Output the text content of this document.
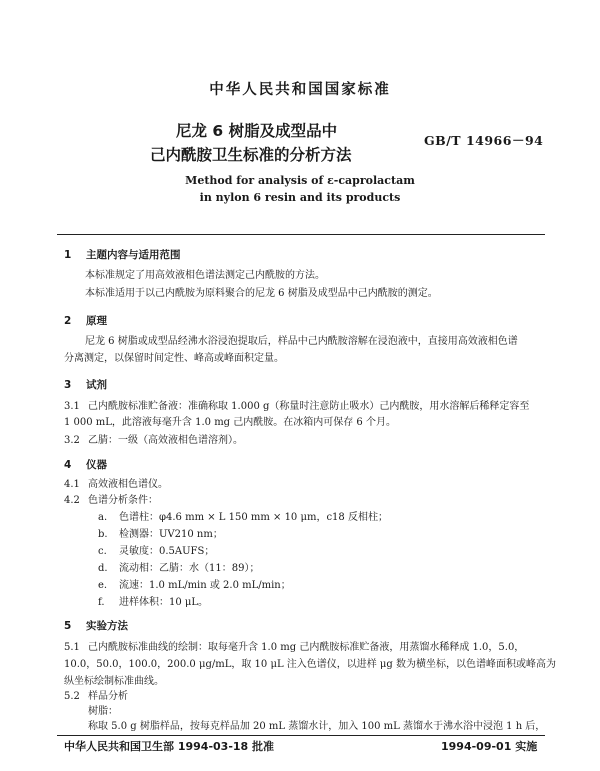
中华人民共和国国家标准
尼龙 6 树脂及成型品中
己内酰胺卫生标准的分析方法
GB/T 14966－94
Method for analysis of ε-caprolactam
in nylon 6 resin and its products
1 主题内容与适用范围
本标准规定了用高效液相色谱法测定己内酰胺的方法。
本标准适用于以己内酰胺为原料聚合的尼龙 6 树脂及成型品中己内酰胺的测定。
2 原理
尼龙 6 树脂或成型品经沸水浴浸泡提取后，样品中己内酰胺溶解在浸泡液中，直接用高效液相色谱
分离测定，以保留时间定性、峰高或峰面积定量。
3 试剂
3.1 己内酰胺标准贮备液：准确称取 1.000 g（称量时注意防止吸水）己内酰胺，用水溶解后稀释定容至
1 000 mL，此溶液每毫升含 1.0 mg 己内酰胺。在冰箱内可保存 6 个月。
3.2 乙腈：一级（高效液相色谱溶剂）。
4 仪器
4.1 高效液相色谱仪。
4.2 色谱分析条件：
a. 色谱柱：φ4.6 mm × L 150 mm × 10 μm，c18 反相柱；
b. 检测器：UV210 nm；
c. 灵敏度：0.5AUFS；
d. 流动相：乙腈：水（11：89）；
e. 流速：1.0 mL/min 或 2.0 mL/min；
f. 进样体积：10 μL。
5 实验方法
5.1 己内酰胺标准曲线的绘制：取每毫升含 1.0 mg 己内酰胺标准贮备液，用蒸馏水稀释成 1.0，5.0，
10.0，50.0，100.0，200.0 μg/mL，取 10 μL 注入色谱仪，以进样 μg 数为横坐标，以色谱峰面积或峰高为
纵坐标绘制标准曲线。
5.2 样品分析
树脂：
称取 5.0 g 树脂样品，按每克样品加 20 mL 蒸馏水计，加入 100 mL 蒸馏水于沸水浴中浸泡 1 h 后，
中华人民共和国卫生部 1994-03-18 批准	1994-09-01 实施
